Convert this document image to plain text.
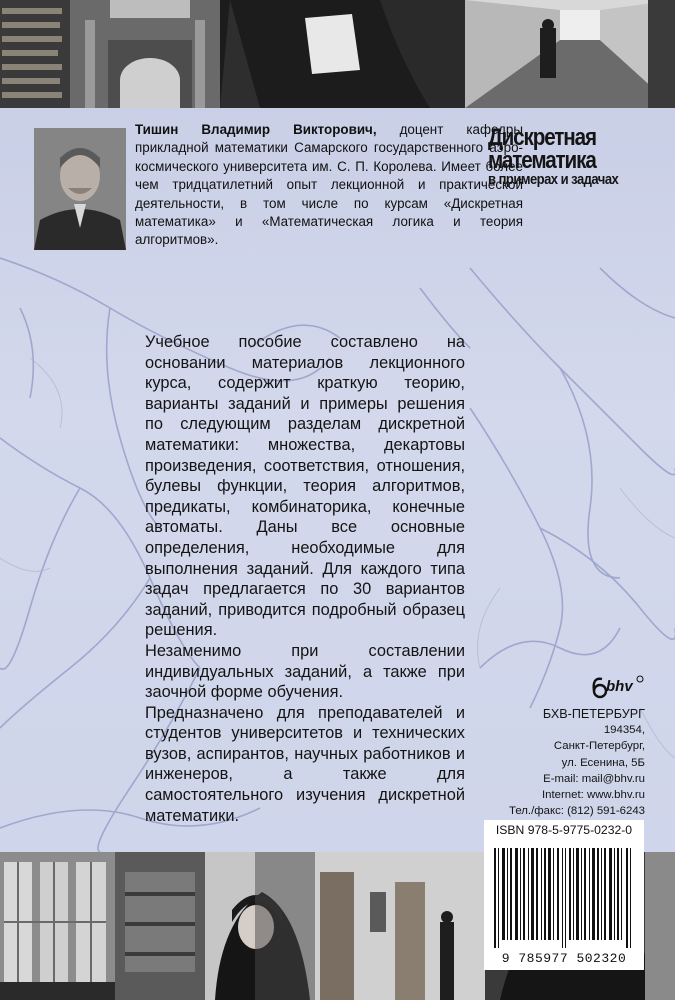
Тишин Владимир Викторович, доцент кафедры прикладной математики Самарского государственного аэро-космического университета им. С. П. Королева. Имеет более чем тридцатилетний опыт лекционной и практической деятельности, в том числе по курсам «Дискретная математика» и «Математическая логика и теория алгоритмов».
Дискретная
математика
в примерах и задачах

Учебное пособие составлено на основании материалов лекционного курса, содержит краткую теорию, варианты заданий и примеры решения по следующим разделам дискретной математики: множества, декартовы произведения, соответствия, отношения, булевы функции, теория алгоритмов, предикаты, комбинаторика, конечные автоматы. Даны все основные определения, необходимые для выполнения заданий. Для каждого типа задач предлагается по 30 вариантов заданий, приводится подробный образец решения.

Незаменимо при составлении индивидуальных заданий, а также при заочной форме обучения.

Предназначено для преподавателей и студентов университетов и технических вузов, аспирантов, научных работников и инженеров, а также для самостоятельного изучения дискретной математики.

bhv
БХВ-ПЕТЕРБУРГ
194354,
Санкт-Петербург,
ул. Есенина, 5Б
E-mail: mail@bhv.ru
Internet: www.bhv.ru
Тел./факс: (812) 591-6243
ISBN 978-5-9775-0232-0
9 785977 502320
